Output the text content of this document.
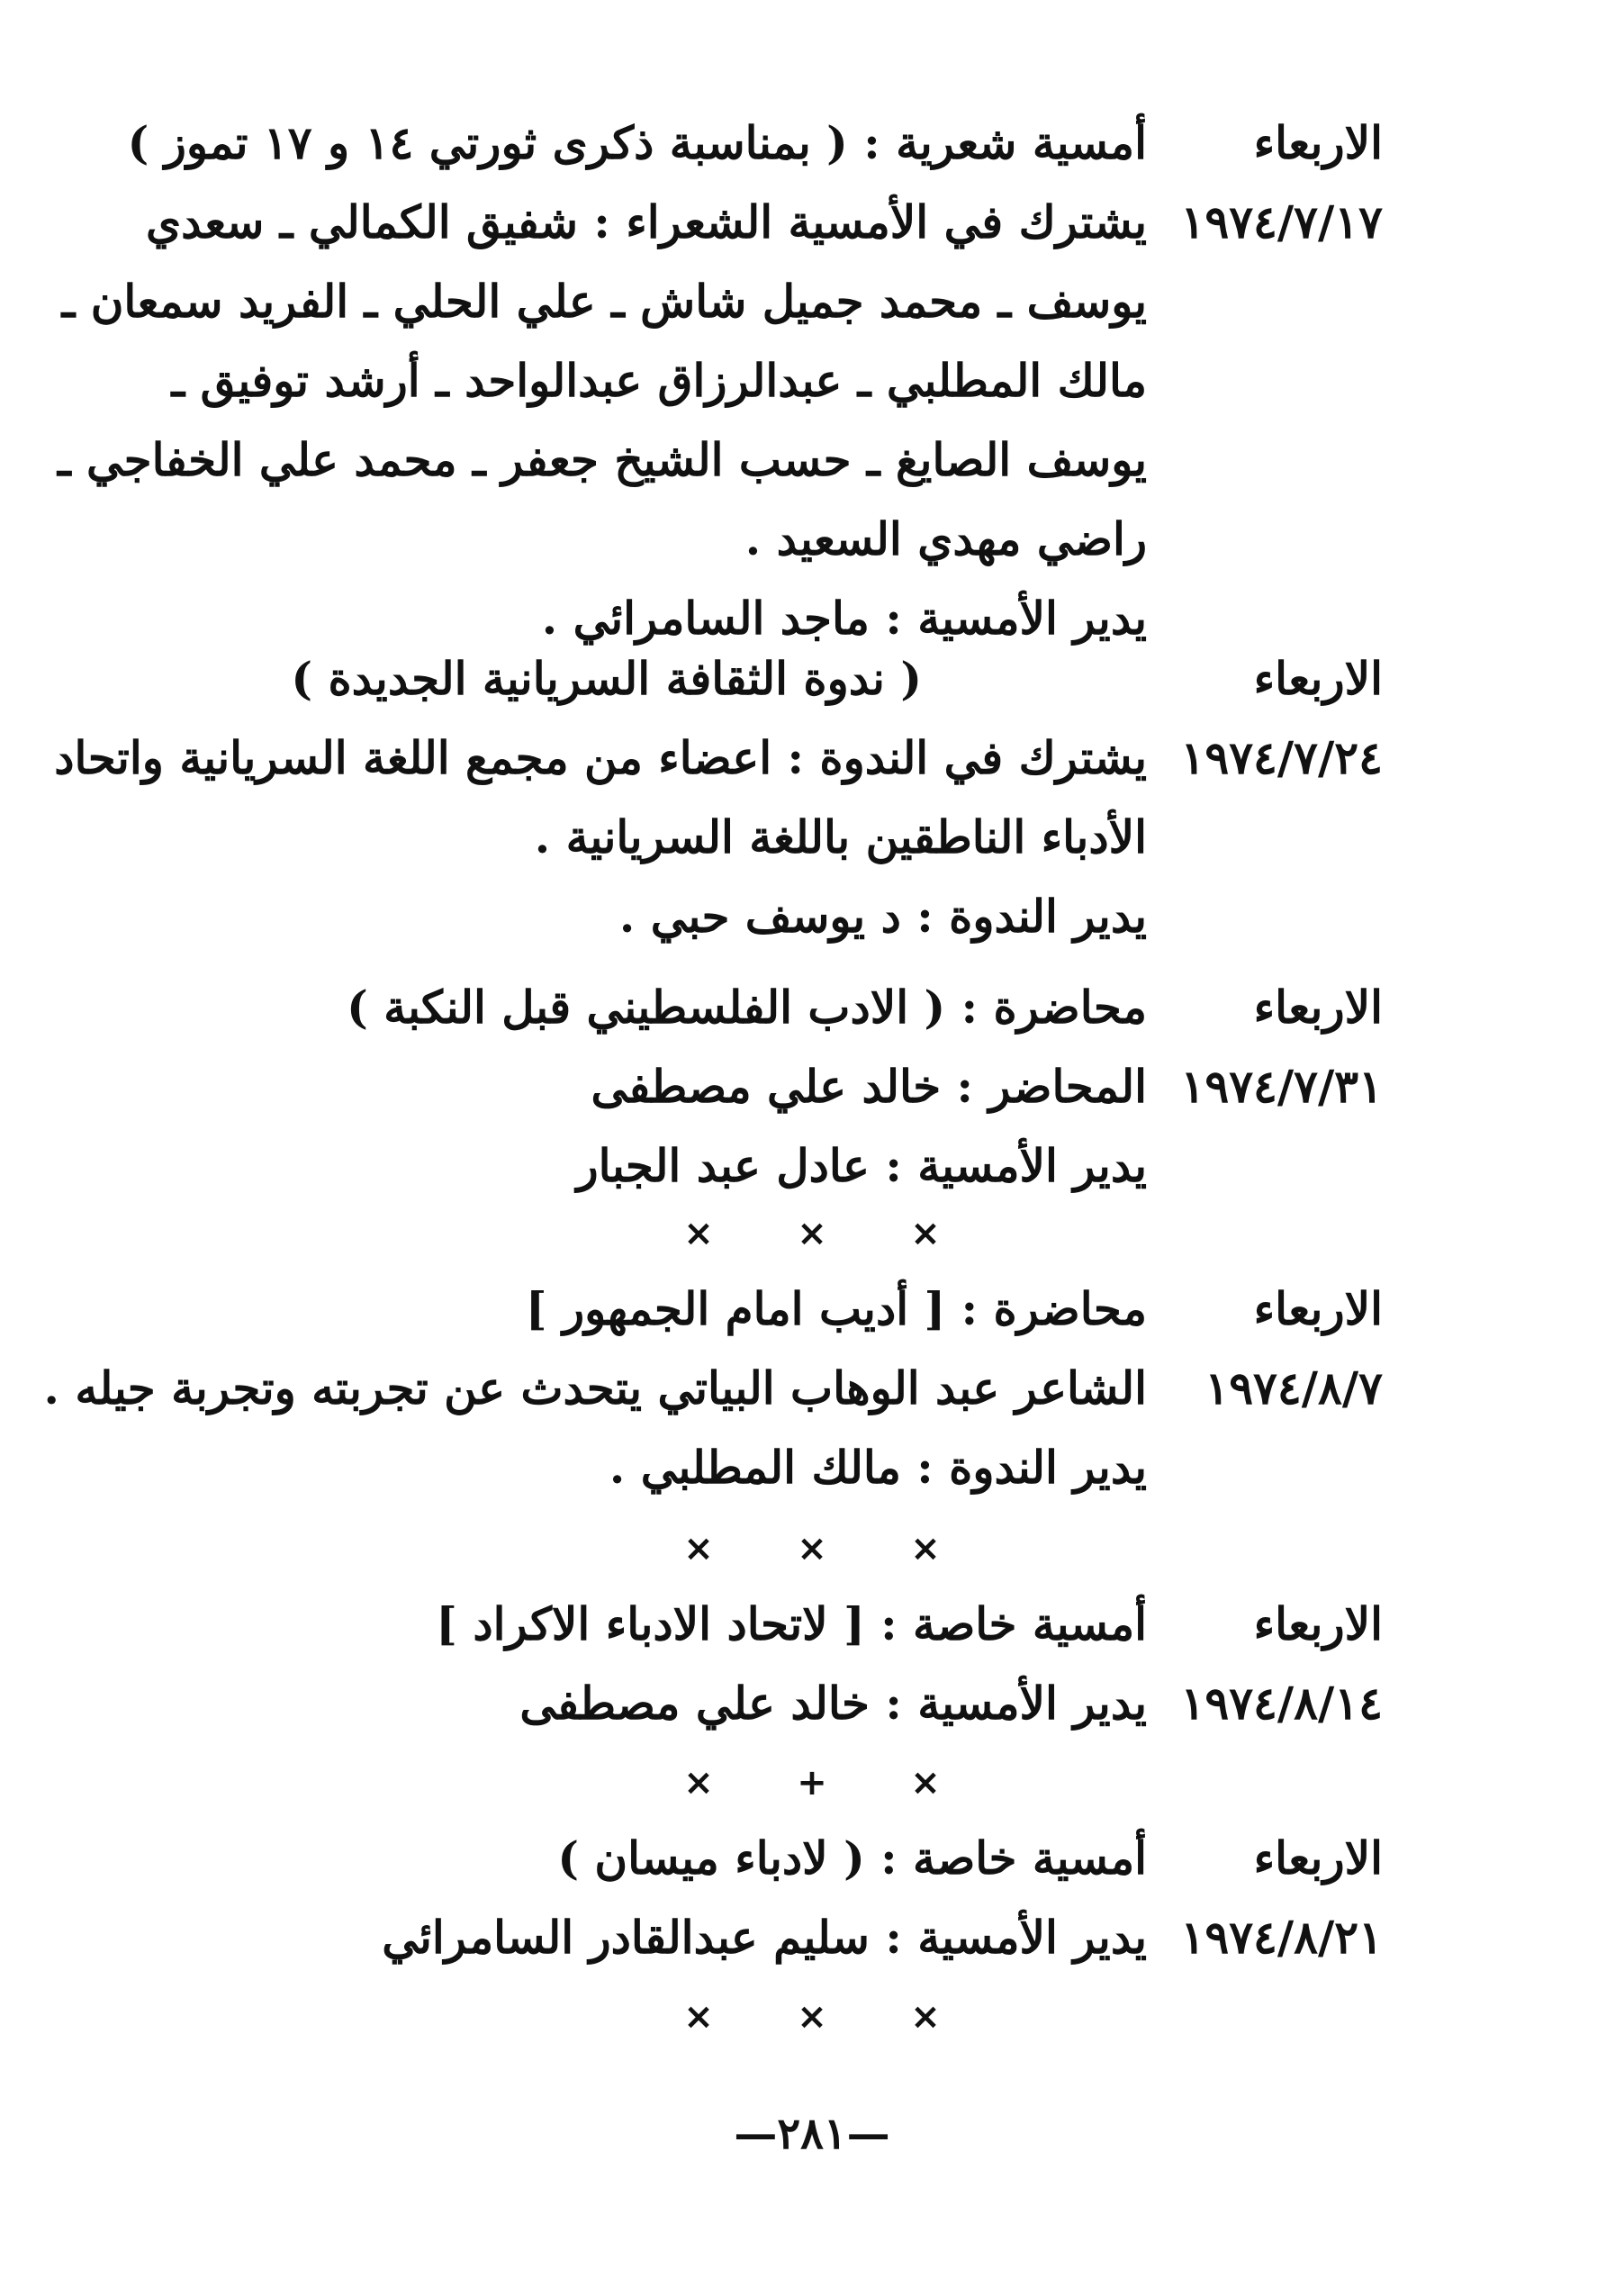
الاربعاء
١٩٧٤/٧/١٧
أمسية شعرية : ( بمناسبة ذكرى ثورتي ١٤ و ١٧ تموز )
يشترك في الأمسية الشعراء : شفيق الكمالي ـ سعدي
يوسف ـ محمد جميل شاش ـ علي الحلي ـ الفريد سمعان ـ
مالك المطلبي ـ عبدالرزاق عبدالواحد ـ أرشد توفيق ـ
يوسف الصايغ ـ حسب الشيخ جعفر ـ محمد علي الخفاجي ـ
راضي مهدي السعيد .
يدير الأمسية : ماجد السامرائي .
الاربعاء
١٩٧٤/٧/٢٤
( ندوة الثقافة السريانية الجديدة )
يشترك في الندوة : اعضاء من مجمع اللغة السريانية واتحاد
الأدباء الناطقين باللغة السريانية .
يدير الندوة : د يوسف حبي .
الاربعاء
١٩٧٤/٧/٣١
محاضرة : ( الادب الفلسطيني قبل النكبة )
المحاضر : خالد علي مصطفى
يدير الأمسية : عادل عبد الجبار
× × ×
الاربعاء
١٩٧٤/٨/٧
محاضرة : [ أديب امام الجمهور ]
الشاعر عبد الوهاب البياتي يتحدث عن تجربته وتجربة جيله .
يدير الندوة : مالك المطلبي .
× × ×
الاربعاء
١٩٧٤/٨/١٤
أمسية خاصة : [ لاتحاد الادباء الاكراد ]
يدير الأمسية : خالد علي مصطفى
× + ×
الاربعاء
١٩٧٤/٨/٢١
أمسية خاصة : ( لادباء ميسان )
يدير الأمسية : سليم عبدالقادر السامرائي
× × ×
—٢٨١—
